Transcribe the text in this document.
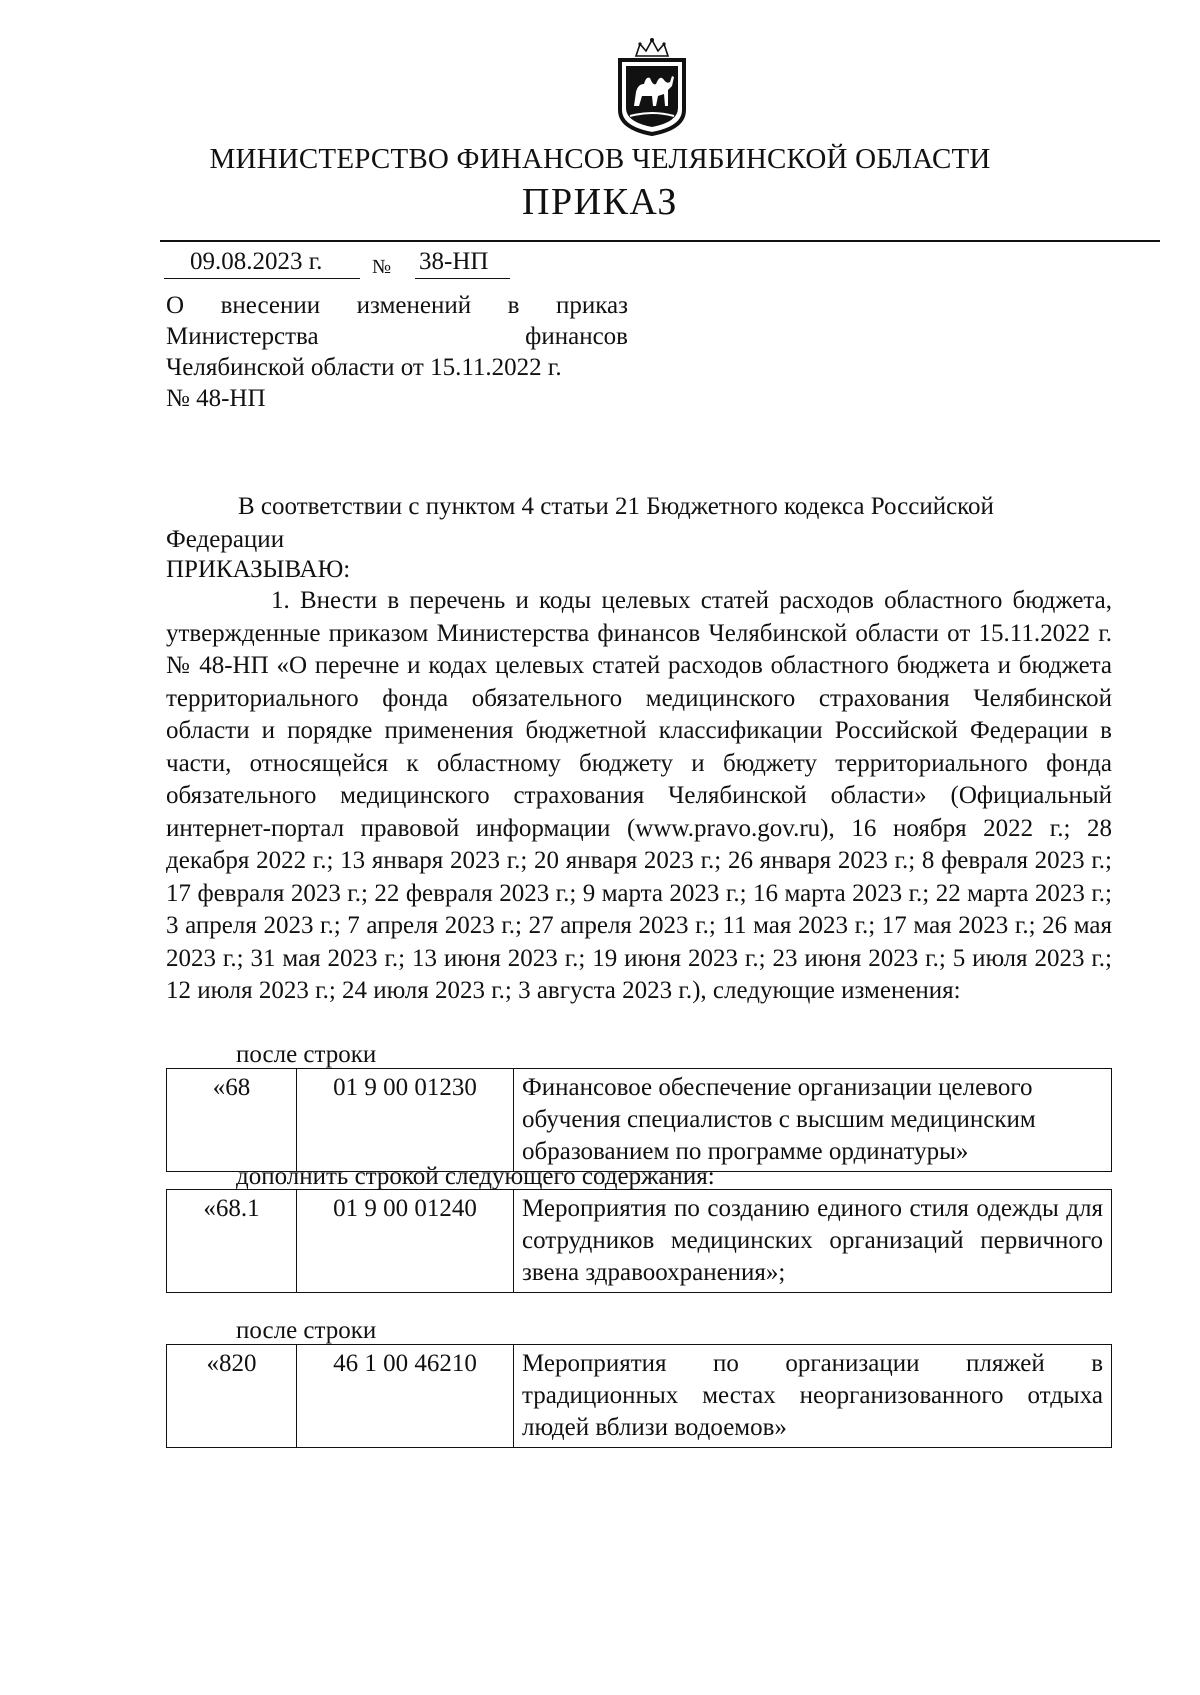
МИНИСТЕРСТВО ФИНАНСОВ ЧЕЛЯБИНСКОЙ ОБЛАСТИ
ПРИКАЗ
09.08.2023 г.	№ 38-НП
О внесении изменений в приказ
Министерства финансов
Челябинской области от 15.11.2022 г.
№ 48-НП
В соответствии с пунктом 4 статьи 21 Бюджетного кодекса Российской Федерации
ПРИКАЗЫВАЮ:
1. Внести в перечень и коды целевых статей расходов областного бюджета, утвержденные приказом Министерства финансов Челябинской области от 15.11.2022 г. № 48-НП «О перечне и кодах целевых статей расходов областного бюджета и бюджета территориального фонда обязательного медицинского страхования Челябинской области и порядке применения бюджетной классификации Российской Федерации в части, относящейся к областному бюджету и бюджету территориального фонда обязательного медицинского страхования Челябинской области» (Официальный интернет-портал правовой информации (www.pravo.gov.ru), 16 ноября 2022 г.; 28 декабря 2022 г.; 13 января 2023 г.; 20 января 2023 г.; 26 января 2023 г.; 8 февраля 2023 г.; 17 февраля 2023 г.; 22 февраля 2023 г.; 9 марта 2023 г.; 16 марта 2023 г.; 22 марта 2023 г.; 3 апреля 2023 г.; 7 апреля 2023 г.; 27 апреля 2023 г.; 11 мая 2023 г.; 17 мая 2023 г.; 26 мая 2023 г.; 31 мая 2023 г.; 13 июня 2023 г.; 19 июня 2023 г.; 23 июня 2023 г.; 5 июля 2023 г.; 12 июля 2023 г.; 24 июля 2023 г.; 3 августа 2023 г.), следующие изменения:
после строки
«68	01 9 00 01230	Финансовое обеспечение организации целевого обучения специалистов с высшим медицинским образованием по программе ординатуры»
дополнить строкой следующего содержания:
«68.1	01 9 00 01240	Мероприятия по созданию единого стиля одежды для сотрудников медицинских организаций первичного звена здравоохранения»;
после строки
«820	46 1 00 46210	Мероприятия по организации пляжей в традиционных местах неорганизованного отдыха людей вблизи водоемов»
